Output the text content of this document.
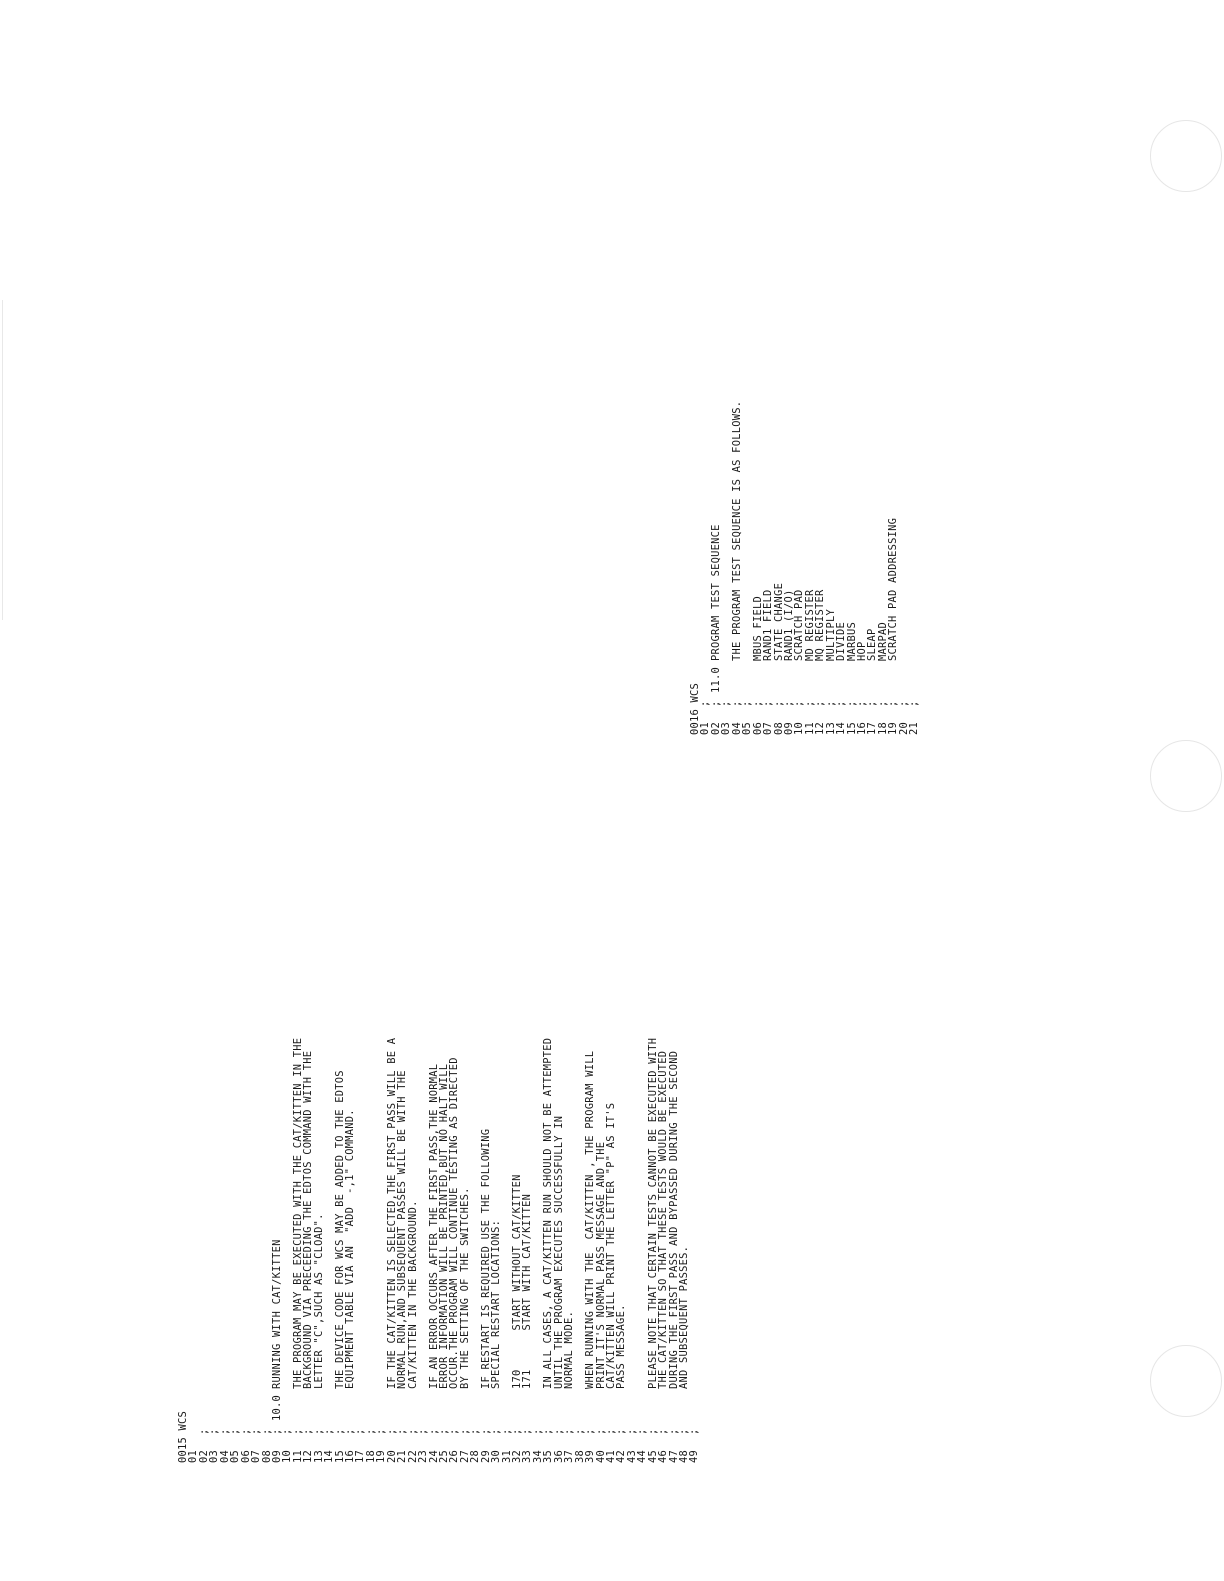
0015 WCS
01
02
;
03
;
04
;
05
;
06
;
07
;
08
;
09
;
10.0
RUNNING WITH CAT/KITTEN
10
;
11
;
THE PROGRAM MAY BE EXECUTED WITH THE CAT/KITTEN IN THE
12
;
BACKGROUND VIA PRECEEDING THE EDTOS COMMAND WITH THE
13
;
LETTER "C",SUCH AS "CLOAD".
14
;
15
;
THE DEVICE CODE FOR WCS MAY BE ADDED TO THE EDTOS
16
;
EQUIPMENT TABLE VIA AN  "ADD  -,1" COMMAND.
17
;
18
;
19
;
20
;
IF THE CAT/KITTEN IS SELECTED,THE FIRST PASS WILL BE A
21
;
NORMAL RUN,AND SUBSEQUENT PASSES WILL BE WITH THE
22
;
CAT/KITTEN IN THE BACKGROUND.
23
;
24
;
IF AN ERROR OCCURS AFTER THE FIRST PASS,THE NORMAL
25
;
ERROR INFORMATION WILL BE PRINTED,BUT NO HALT WILL
26
;
OCCUR.THE PROGRAM WILL CONTINUE TESTING AS DIRECTED
27
;
BY THE SETTING OF THE SWITCHES.
28
;
29
;
IF RESTART IS REQUIRED USE THE FOLLOWING
30
;
SPECIAL RESTART LOCATIONS:
31
;
32
;
170      START WITHOUT CAT/KITTEN
33
;
171      START WITH CAT/KITTEN
34
;
35
;
IN ALL CASES, A CAT/KITTEN RUN SHOULD NOT BE ATTEMPTED
36
;
UNTIL THE PROGRAM EXECUTES SUCCESSFULLY IN
37
;
NORMAL MODE.
38
;
39
;
WHEN RUNNING WITH THE  CAT/KITTEN , THE PROGRAM WILL
40
;
PRINT IT'S NORMAL PASS MESSAGE AND THE
41
;
CAT/KITTEN WILL PRINT THE LETTER "P" AS IT'S
42
;
PASS MESSAGE.
43
;
44
;
45
;
PLEASE NOTE THAT CERTAIN TESTS CANNOT BE EXECUTED WITH
46
;
THE CAT/KITTEN SO THAT THESE TESTS WOULD BE EXECUTED
47
;
DURING THE FIRST PASS AND BYPASSED DURING THE SECOND
48
;
AND SUBSEQUENT PASSES.
49
;
0016 WCS
01
;
02
;
11.0
PROGRAM TEST SEQUENCE
03
;
04
;
THE PROGRAM TEST SEQUENCE IS AS FOLLOWS.
05
;
06
;
MBUS FIELD
07
;
RAND1 FIELD
08
;
STATE CHANGE
09
;
RAND1 (I/O)
10
;
SCRATCH PAD
11
;
MD REGISTER
12
;
MQ REGISTER
13
;
MULTIPLY
14
;
DIVIDE
15
;
MARBUS
16
;
HOP
17
;
SLEAP
18
;
MARPAD
19
;
SCRATCH PAD ADDRESSING
20
;
21
;
